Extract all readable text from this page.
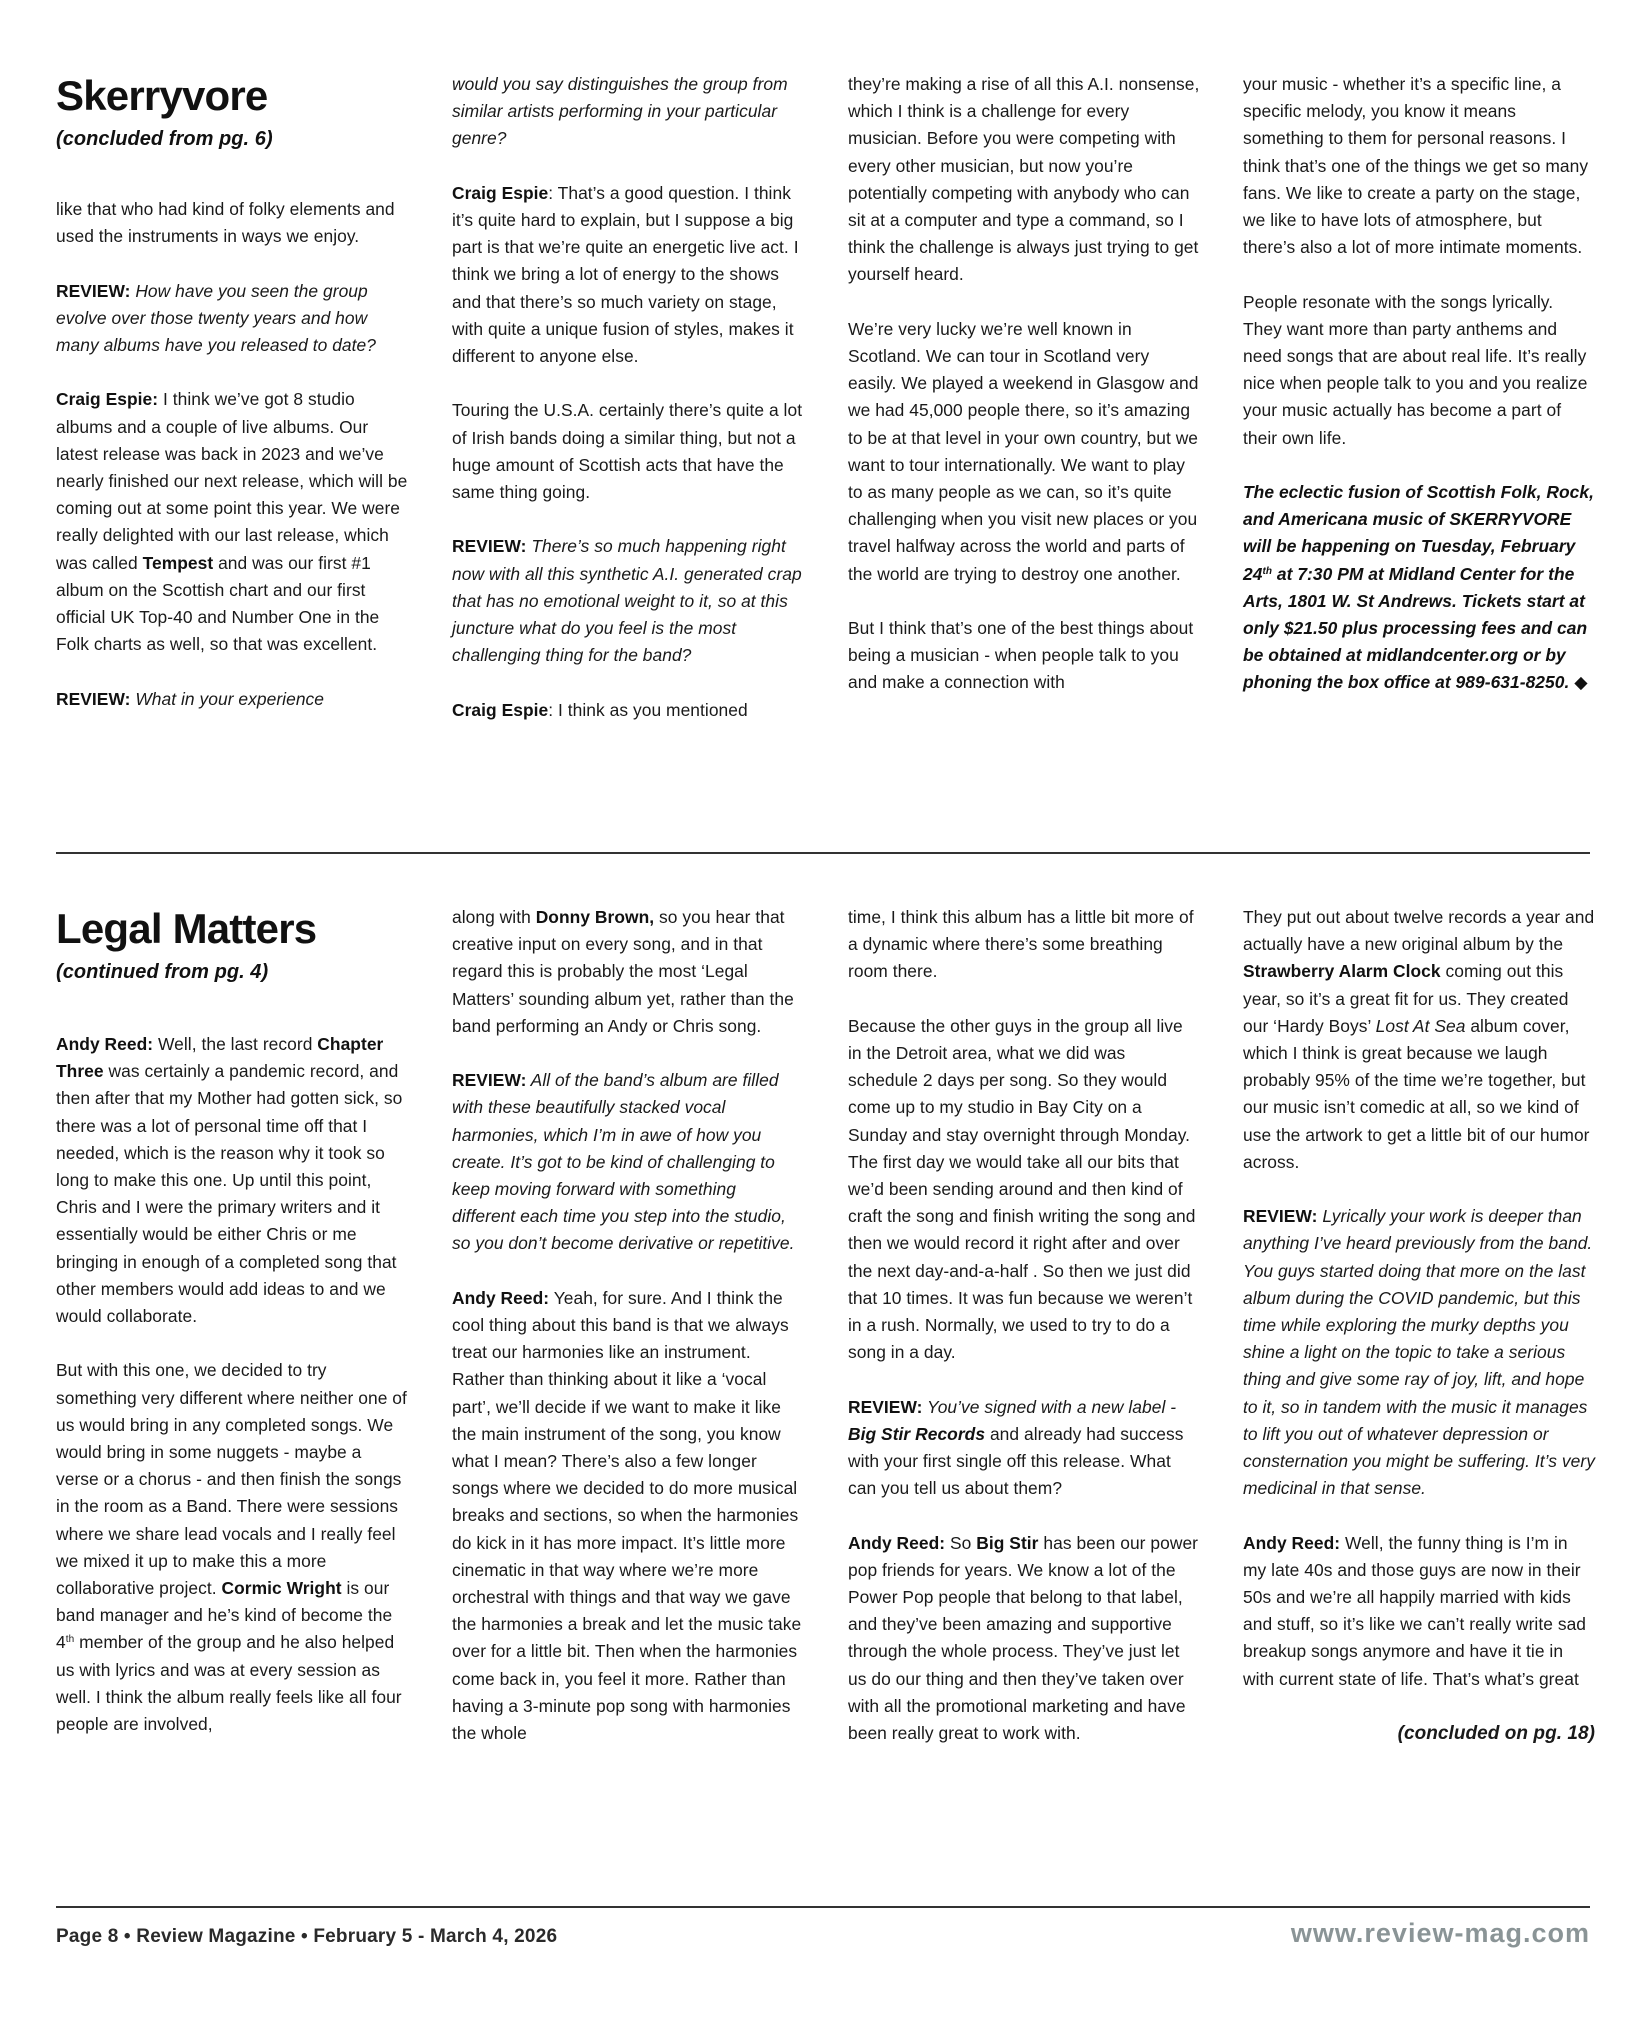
Skerryvore
(concluded from pg. 6)

like that who had kind of folky elements and used the instruments in ways we enjoy.

REVIEW: How have you seen the group evolve over those twenty years and how many albums have you released to date?

Craig Espie: I think we’ve got 8 studio albums and a couple of live albums. Our latest release was back in 2023 and we’ve nearly finished our next release, which will be coming out at some point this year. We were really delighted with our last release, which was called Tempest and was our first #1 album on the Scottish chart and our first official UK Top-40 and Number One in the Folk charts as well, so that was excellent.

REVIEW: What in your experience

would you say distinguishes the group from similar artists performing in your particular genre?

Craig Espie: That’s a good question. I think it’s quite hard to explain, but I suppose a big part is that we’re quite an energetic live act. I think we bring a lot of energy to the shows and that there’s so much variety on stage, with quite a unique fusion of styles, makes it different to anyone else.

Touring the U.S.A. certainly there’s quite a lot of Irish bands doing a similar thing, but not a huge amount of Scottish acts that have the same thing going.

REVIEW: There’s so much happening right now with all this synthetic A.I. generated crap that has no emotional weight to it, so at this juncture what do you feel is the most challenging thing for the band?

Craig Espie: I think as you mentioned

they’re making a rise of all this A.I. nonsense, which I think is a challenge for every musician. Before you were competing with every other musician, but now you’re potentially competing with anybody who can sit at a computer and type a command, so I think the challenge is always just trying to get yourself heard.

We’re very lucky we’re well known in Scotland. We can tour in Scotland very easily. We played a weekend in Glasgow and we had 45,000 people there, so it’s amazing to be at that level in your own country, but we want to tour internationally. We want to play to as many people as we can, so it’s quite challenging when you visit new places or you travel halfway across the world and parts of the world are trying to destroy one another.

But I think that’s one of the best things about being a musician - when people talk to you and make a connection with

your music - whether it’s a specific line, a specific melody, you know it means something to them for personal reasons. I think that’s one of the things we get so many fans. We like to create a party on the stage, we like to have lots of atmosphere, but there’s also a lot of more intimate moments.

People resonate with the songs lyrically. They want more than party anthems and need songs that are about real life. It’s really nice when people talk to you and you realize your music actually has become a part of their own life.

The eclectic fusion of Scottish Folk, Rock, and Americana music of SKERRYVORE will be happening on Tuesday, February 24th at 7:30 PM at Midland Center for the Arts, 1801 W. St Andrews. Tickets start at only $21.50 plus processing fees and can be obtained at midlandcenter.org or by phoning the box office at 989-631-8250. ◆

Legal Matters
(continued from pg. 4)

Andy Reed: Well, the last record Chapter Three was certainly a pandemic record, and then after that my Mother had gotten sick, so there was a lot of personal time off that I needed, which is the reason why it took so long to make this one. Up until this point, Chris and I were the primary writers and it essentially would be either Chris or me bringing in enough of a completed song that other members would add ideas to and we would collaborate.

But with this one, we decided to try something very different where neither one of us would bring in any completed songs. We would bring in some nuggets - maybe a verse or a chorus - and then finish the songs in the room as a Band. There were sessions where we share lead vocals and I really feel we mixed it up to make this a more collaborative project. Cormic Wright is our band manager and he’s kind of become the 4th member of the group and he also helped us with lyrics and was at every session as well. I think the album really feels like all four people are involved,

along with Donny Brown, so you hear that creative input on every song, and in that regard this is probably the most ‘Legal Matters’ sounding album yet, rather than the band performing an Andy or Chris song.

REVIEW: All of the band’s album are filled with these beautifully stacked vocal harmonies, which I’m in awe of how you create. It’s got to be kind of challenging to keep moving forward with something different each time you step into the studio, so you don’t become derivative or repetitive.

Andy Reed: Yeah, for sure. And I think the cool thing about this band is that we always treat our harmonies like an instrument. Rather than thinking about it like a ‘vocal part’, we’ll decide if we want to make it like the main instrument of the song, you know what I mean? There’s also a few longer songs where we decided to do more musical breaks and sections, so when the harmonies do kick in it has more impact. It’s little more cinematic in that way where we’re more orchestral with things and that way we gave the harmonies a break and let the music take over for a little bit. Then when the harmonies come back in, you feel it more. Rather than having a 3-minute pop song with harmonies the whole

time, I think this album has a little bit more of a dynamic where there’s some breathing room there.

Because the other guys in the group all live in the Detroit area, what we did was schedule 2 days per song. So they would come up to my studio in Bay City on a Sunday and stay overnight through Monday. The first day we would take all our bits that we’d been sending around and then kind of craft the song and finish writing the song and then we would record it right after and over the next day-and-a-half . So then we just did that 10 times. It was fun because we weren’t in a rush. Normally, we used to try to do a song in a day.

REVIEW: You’ve signed with a new label - Big Stir Records and already had success with your first single off this release. What can you tell us about them?

Andy Reed: So Big Stir has been our power pop friends for years. We know a lot of the Power Pop people that belong to that label, and they’ve been amazing and supportive through the whole process. They’ve just let us do our thing and then they’ve taken over with all the promotional marketing and have been really great to work with.

They put out about twelve records a year and actually have a new original album by the Strawberry Alarm Clock coming out this year, so it’s a great fit for us. They created our ‘Hardy Boys’ Lost At Sea album cover, which I think is great because we laugh probably 95% of the time we’re together, but our music isn’t comedic at all, so we kind of use the artwork to get a little bit of our humor across.

REVIEW: Lyrically your work is deeper than anything I’ve heard previously from the band. You guys started doing that more on the last album during the COVID pandemic, but this time while exploring the murky depths you shine a light on the topic to take a serious thing and give some ray of joy, lift, and hope to it, so in tandem with the music it manages to lift you out of whatever depression or consternation you might be suffering. It’s very medicinal in that sense.

Andy Reed: Well, the funny thing is I’m in my late 40s and those guys are now in their 50s and we’re all happily married with kids and stuff, so it’s like we can’t really write sad breakup songs anymore and have it tie in with current state of life. That’s what’s great

(concluded on pg. 18)
Page 8 • Review Magazine • February 5 - March 4, 2026	www.review-mag.com
